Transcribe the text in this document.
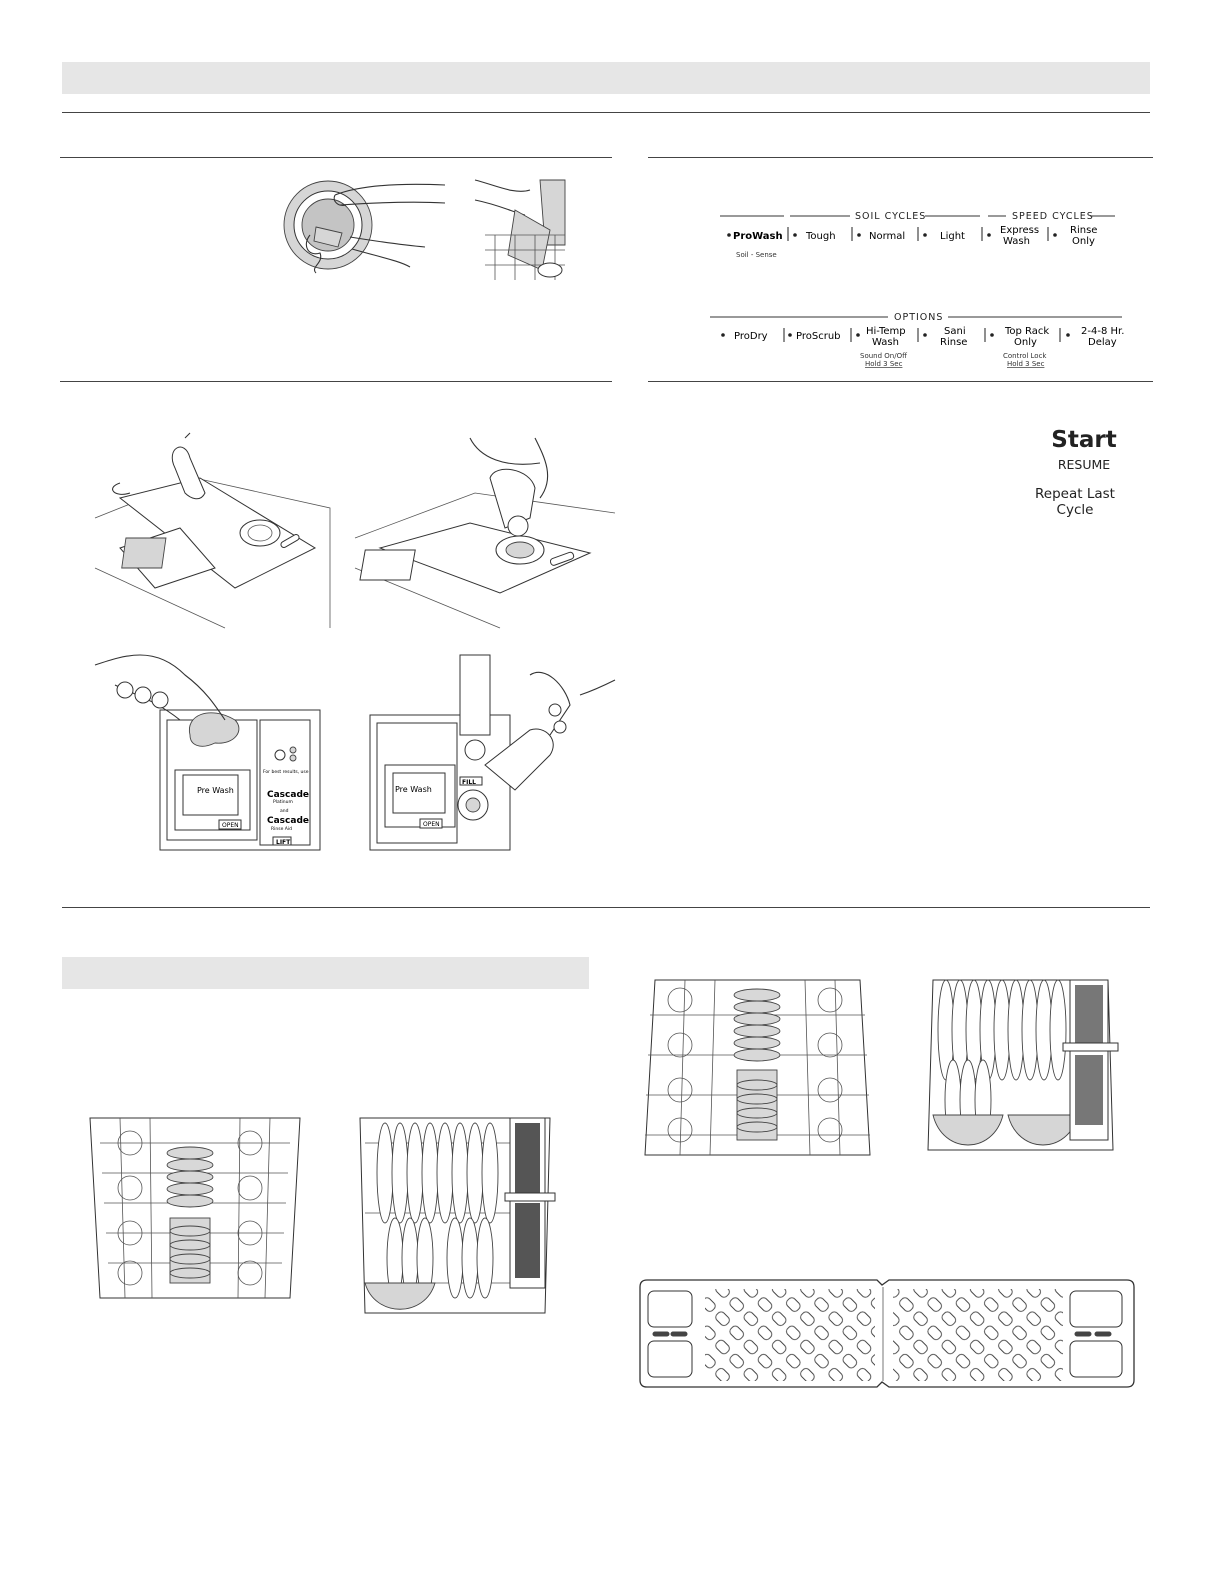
SOIL CYCLES	SPEED CYCLES
ProWash
Soil - Sense
Tough	Normal	Light
Express
Wash
Rinse
Only
OPTIONS
ProDry	ProScrub	Hi-Temp
Wash
Sound On/Off
Hold 3 Sec
Sani
Rinse
Top Rack
Only
Control Lock
Hold 3 Sec
2-4-8 Hr.
Delay
Start
RESUME
Repeat Last
Cycle
Pre Wash
OPEN
For best results, use
Cascade
Platinum
and
Cascade
Rinse Aid
LIFT
Pre Wash
OPEN
FILL
